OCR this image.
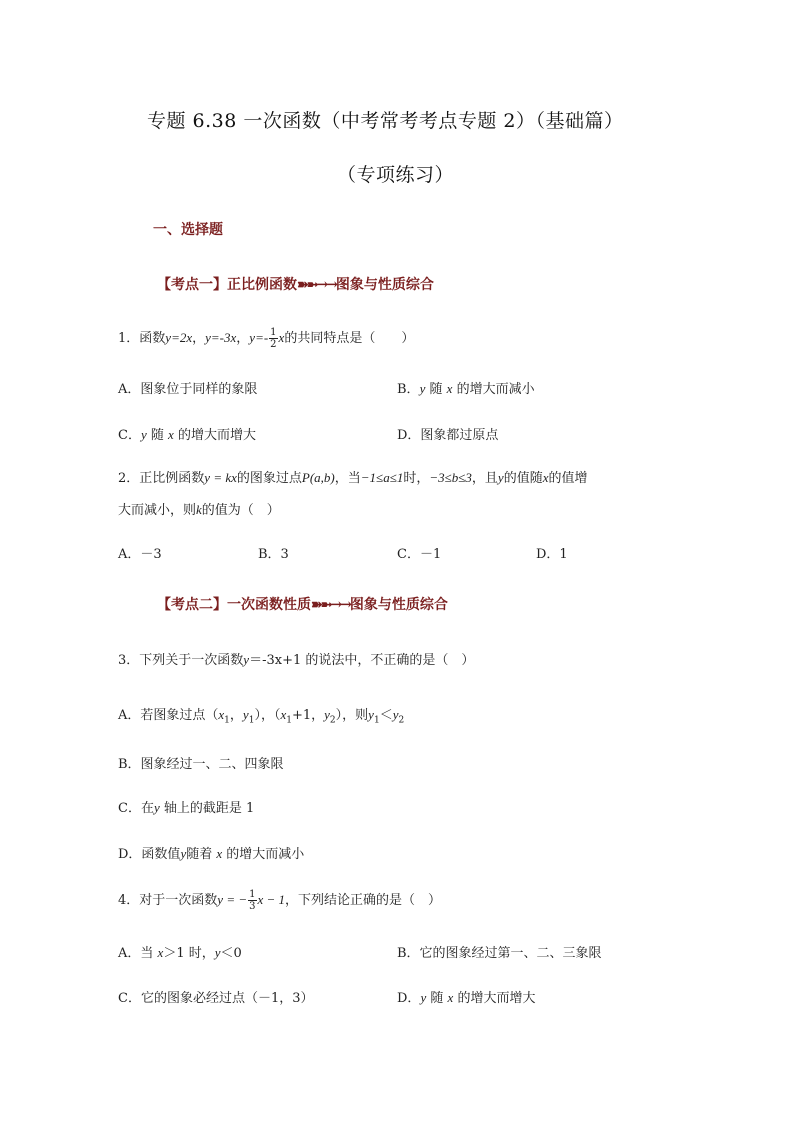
专题 6.38 一次函数（中考常考考点专题 2）（基础篇）
（专项练习）
一、选择题
【考点一】正比例函数➽➼→→图象与性质综合
1．函数y=2x，y=-3x，$y=- \frac{1}{2}$ x的共同特点是（　　）
A．图象位于同样的象限	B．y 随 x 的增大而减小
C．y 随 x 的增大而增大	D．图象都过原点
2．正比例函数y = kx的图象过点P(a,b)，当−1≤a≤1时，−3≤b≤3，且y的值随x的值增
大而减小，则k的值为（　）
A．－3	B．3	C．－1	D．1
【考点二】一次函数性质➽➼→→图象与性质综合
3．下列关于一次函数y＝-3x+1 的说法中，不正确的是（　）
A．若图象过点（$x_1$，$y_1$），（$x_1+1$，$y_2$），则$y_1<y_2$
B．图象经过一、二、四象限
C．在y 轴上的截距是 1
D．函数值y随着 x 的增大而减小
4．对于一次函数y = − $\frac{1}{3}$ x − 1，下列结论正确的是（　）
A．当 x＞1 时，y＜0	B．它的图象经过第一、二、三象限
C．它的图象必经过点（－1，3）	D．y 随 x 的增大而增大
